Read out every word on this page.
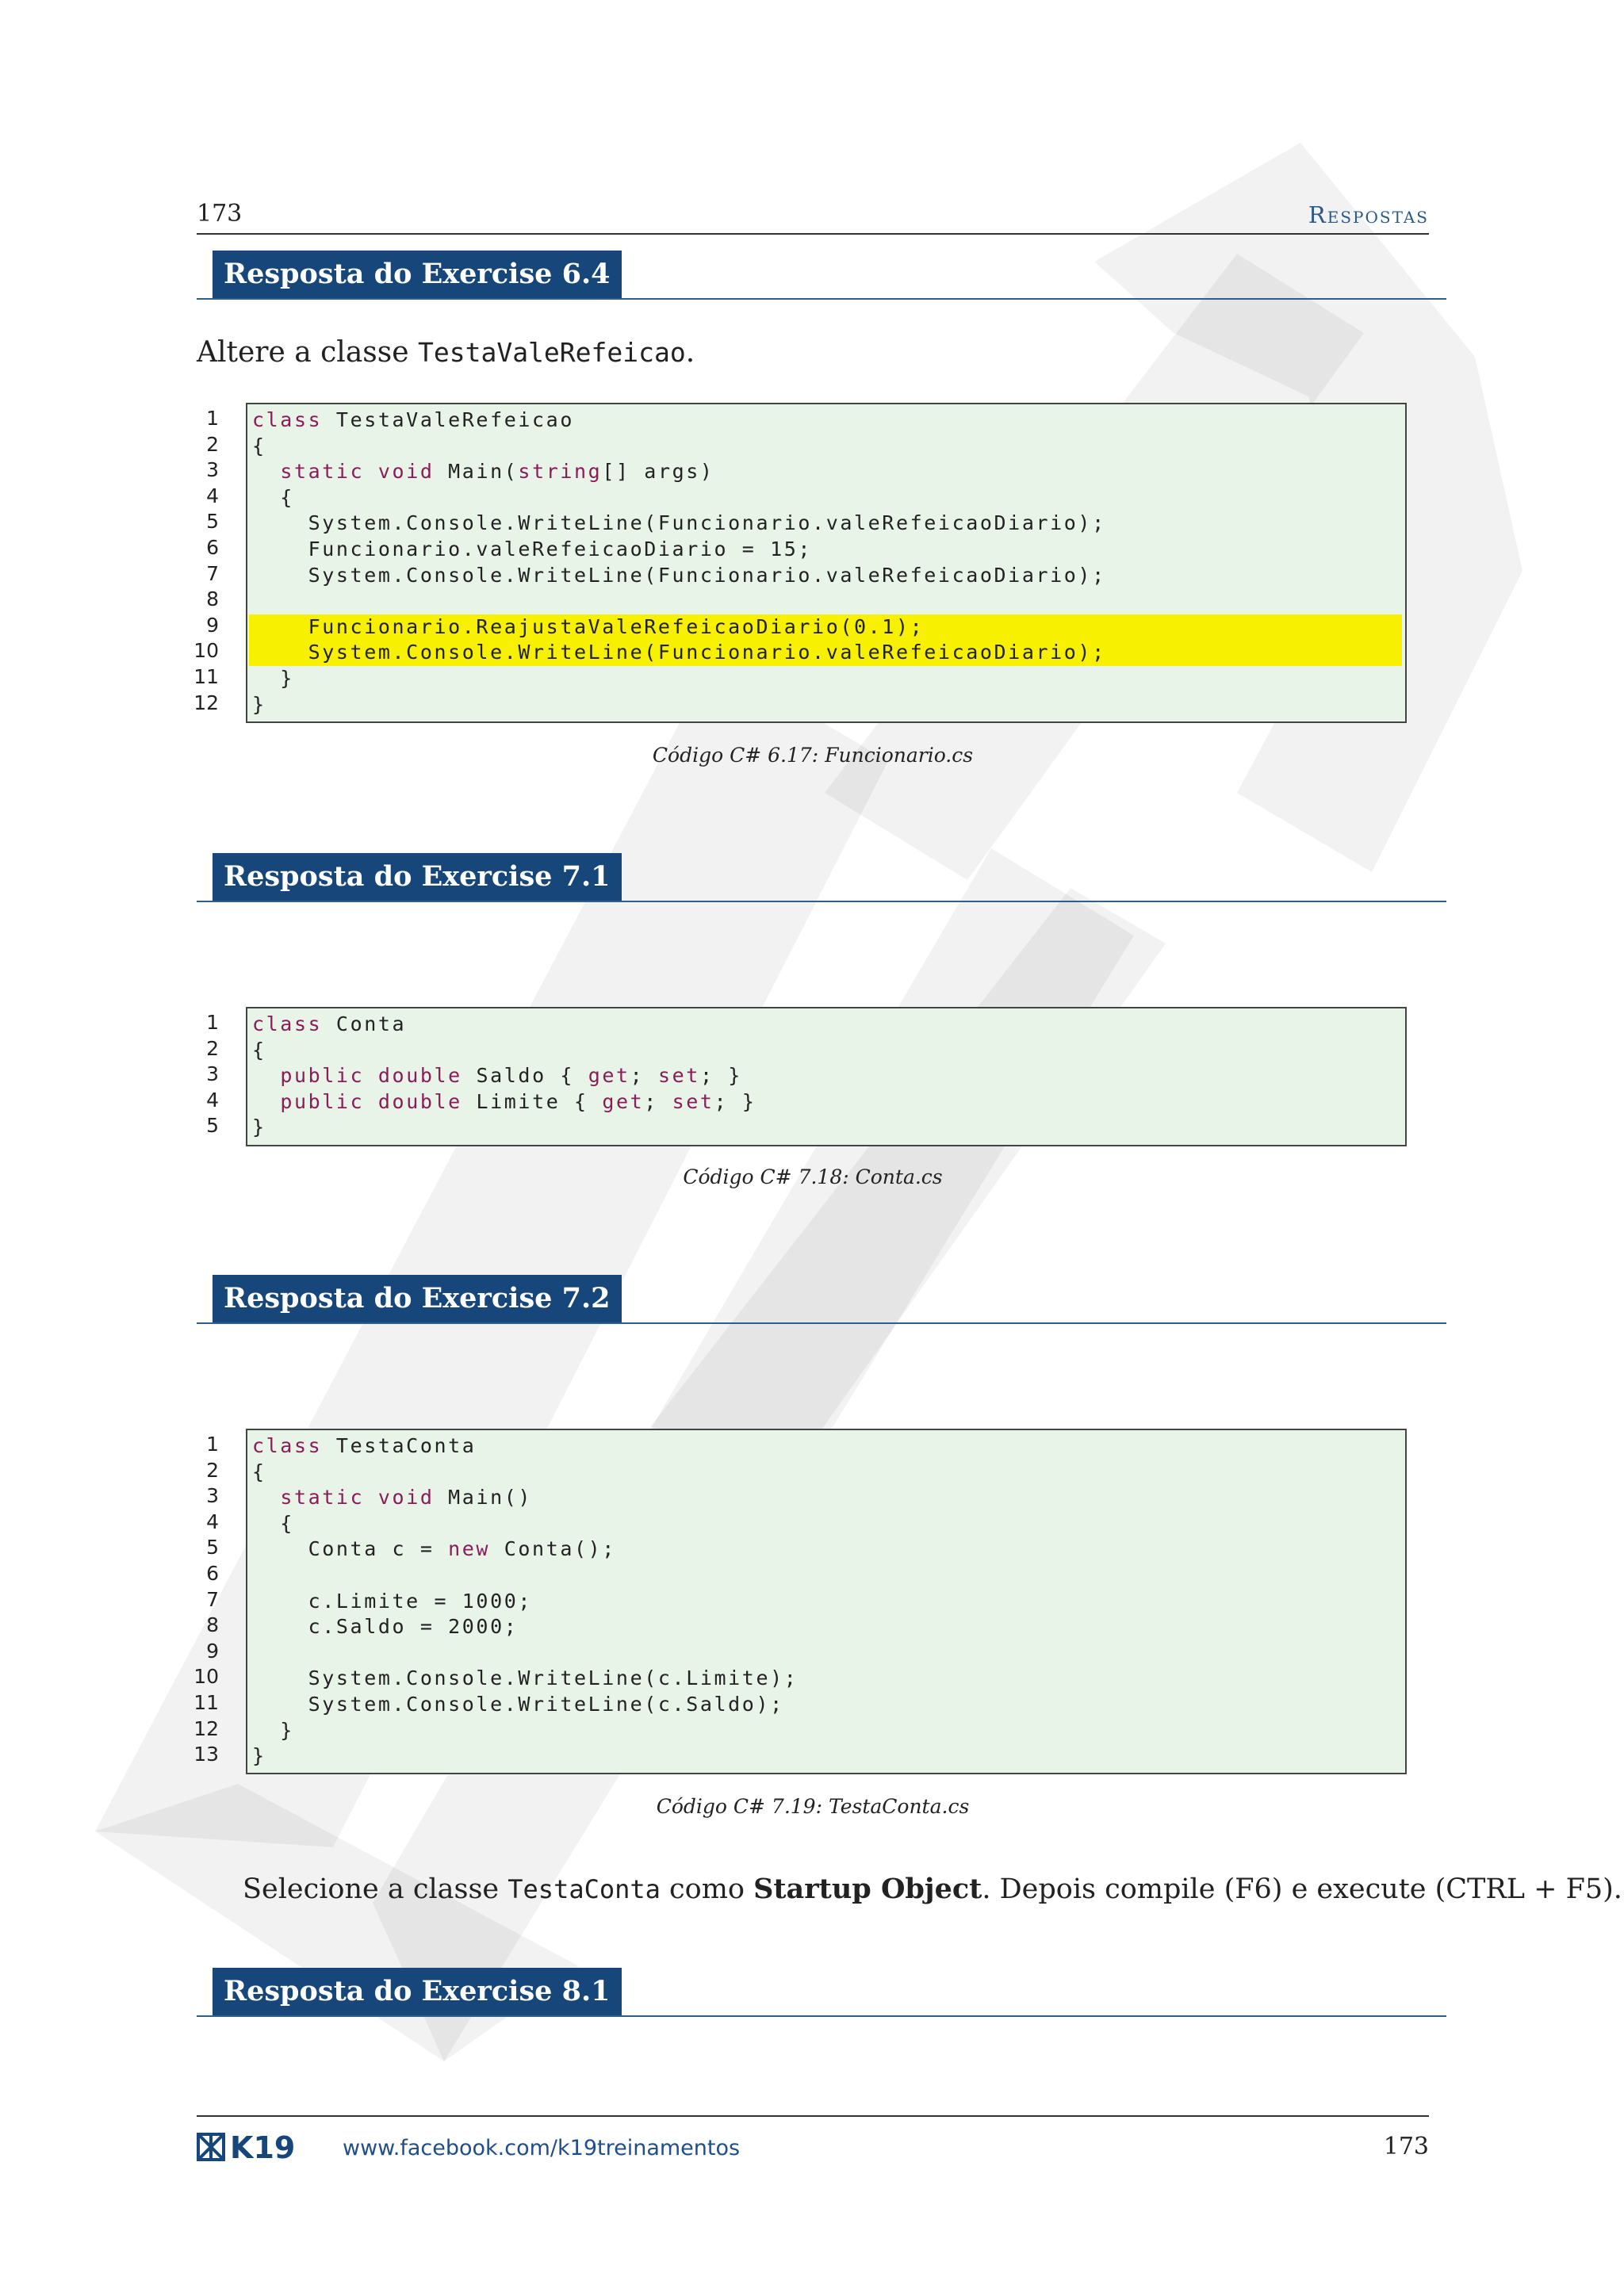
173	Respostas
Resposta do Exercise 6.4
Altere a classe TestaValeRefeicao.
1
2
3
4
5
6
7
8
9
10
11
12
class TestaValeRefeicao
{
static void Main(string[] args)
{
System.Console.WriteLine(Funcionario.valeRefeicaoDiario);
Funcionario.valeRefeicaoDiario = 15;
System.Console.WriteLine(Funcionario.valeRefeicaoDiario);

Funcionario.ReajustaValeRefeicaoDiario(0.1);
System.Console.WriteLine(Funcionario.valeRefeicaoDiario);
}
}
Código C# 6.17: Funcionario.cs
Resposta do Exercise 7.1
1
2
3
4
5
class Conta
{
public double Saldo { get; set; }
public double Limite { get; set; }
}
Código C# 7.18: Conta.cs
Resposta do Exercise 7.2
1
2
3
4
5
6
7
8
9
10
11
12
13
class TestaConta
{
static void Main()
{
Conta c = new Conta();

c.Limite = 1000;
c.Saldo = 2000;

System.Console.WriteLine(c.Limite);
System.Console.WriteLine(c.Saldo);
}
}
Código C# 7.19: TestaConta.cs
Selecione a classe TestaConta como Startup Object. Depois compile (F6) e execute (CTRL + F5).
Resposta do Exercise 8.1
K19 www.facebook.com/k19treinamentos	173
